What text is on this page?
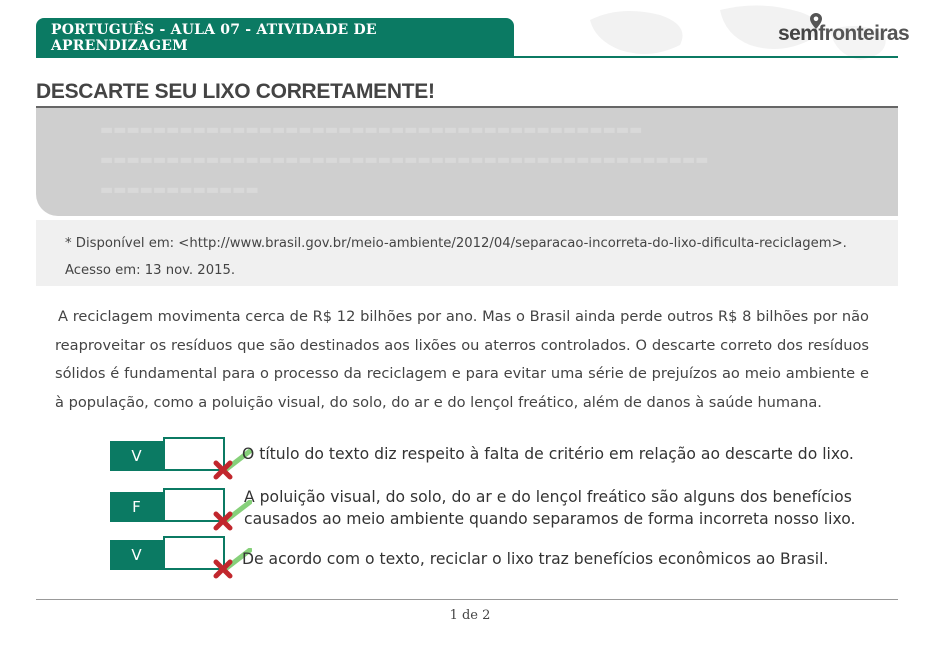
PORTUGUÊS - AULA 07 - ATIVIDADE DE APRENDIZAGEM
semfronteiras
DESCARTE SEU LIXO CORRETAMENTE!
▬▬▬▬▬▬▬▬▬▬▬▬▬▬▬▬▬▬▬▬▬▬▬▬▬▬▬▬▬▬▬▬▬▬▬▬▬▬▬▬▬
▬▬▬▬▬▬▬▬▬▬▬▬▬▬▬▬▬▬▬▬▬▬▬▬▬▬▬▬▬▬▬▬▬▬▬▬▬▬▬▬▬▬▬▬▬▬
▬▬▬▬▬▬▬▬▬▬▬▬
* Disponível em: <http://www.brasil.gov.br/meio-ambiente/2012/04/separacao-incorreta-do-lixo-dificulta-reciclagem>. Acesso em: 13 nov. 2015.
A reciclagem movimenta cerca de R$ 12 bilhões por ano. Mas o Brasil ainda perde outros R$ 8 bilhões por não reaproveitar os resíduos que são destinados aos lixões ou aterros controlados. O descarte correto dos resíduos sólidos é fundamental para o processo da reciclagem e para evitar uma série de prejuízos ao meio ambiente e à população, como a poluição visual, do solo, do ar e do lençol freático, além de danos à saúde humana.
V	O título do texto diz respeito à falta de critério em relação ao descarte do lixo.
F
A poluição visual, do solo, do ar e do lençol freático são alguns dos benefícios
causados ao meio ambiente quando separamos de forma incorreta nosso lixo.
V	De acordo com o texto, reciclar o lixo traz benefícios econômicos ao Brasil.
1 de 2
